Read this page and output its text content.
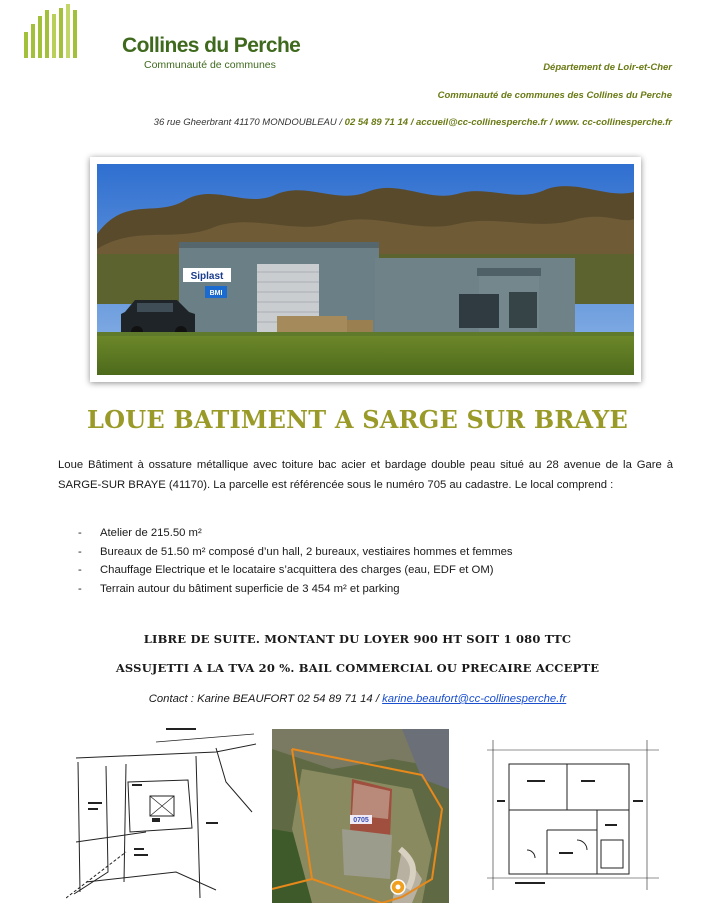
Collines du Perche
Communauté de communes	Département de Loir-et-Cher
Communauté de communes des Collines du Perche
36 rue Gheerbrant 41170 MONDOUBLEAU / 02 54 89 71 14 / accueil@cc-collinesperche.fr / www. cc-collinesperche.fr
Siplast
BMI
LOUE BATIMENT A SARGE SUR BRAYE
Loue Bâtiment à ossature métallique avec toiture bac acier et bardage double peau situé au 28 avenue de la Gare à SARGE-SUR BRAYE (41170). La parcelle est référencée sous le numéro 705 au cadastre. Le local comprend :
- Atelier de 215.50 m²
- Bureaux de 51.50 m² composé d’un hall, 2 bureaux, vestiaires hommes et femmes
- Chauffage Electrique et le locataire s’acquittera des charges (eau, EDF et OM)
- Terrain autour du bâtiment superficie de 3 454 m² et parking
LIBRE DE SUITE. MONTANT DU LOYER 900 HT SOIT 1 080 TTC
ASSUJETTI A LA TVA 20 %. BAIL COMMERCIAL OU PRECAIRE ACCEPTE
Contact : Karine BEAUFORT 02 54 89 71 14 / karine.beaufort@cc-collinesperche.fr
0705
